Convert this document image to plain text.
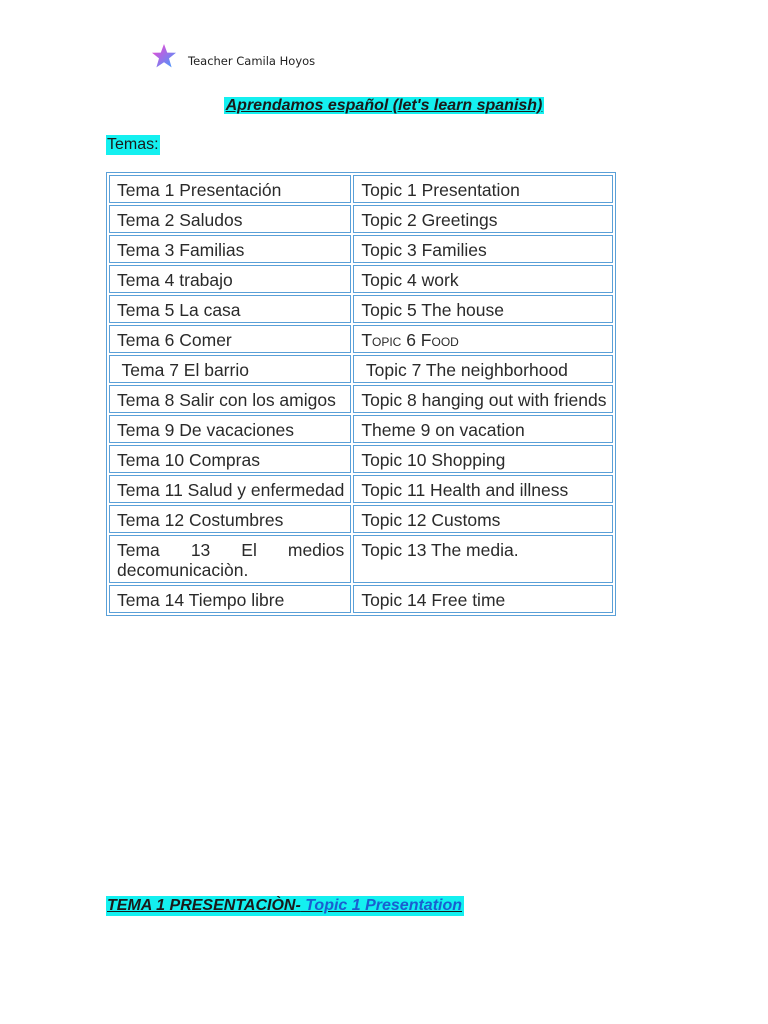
Teacher Camila Hoyos
Aprendamos español (let's learn spanish)
Temas:
Tema 1 Presentación	Topic 1 Presentation
Tema 2 Saludos	Topic 2 Greetings
Tema 3 Familias	Topic 3 Families
Tema 4 trabajo	Topic 4 work
Tema 5 La casa	Topic 5 The house
Tema 6 Comer	Topic 6 Food
Tema 7 El barrio	Topic 7 The neighborhood
Tema 8 Salir con los amigos	Topic 8 hanging out with friends
Tema 9 De vacaciones	Theme 9 on vacation
Tema 10 Compras	Topic 10 Shopping
Tema 11 Salud y enfermedad	Topic 11 Health and illness
Tema 12 Costumbres	Topic 12 Customs

Tema 13 El medios
decomunicaciòn.	Topic 13 The media.
Tema 14 Tiempo libre	Topic 14 Free time
TEMA 1 PRESENTACIÒN- Topic 1 Presentation
